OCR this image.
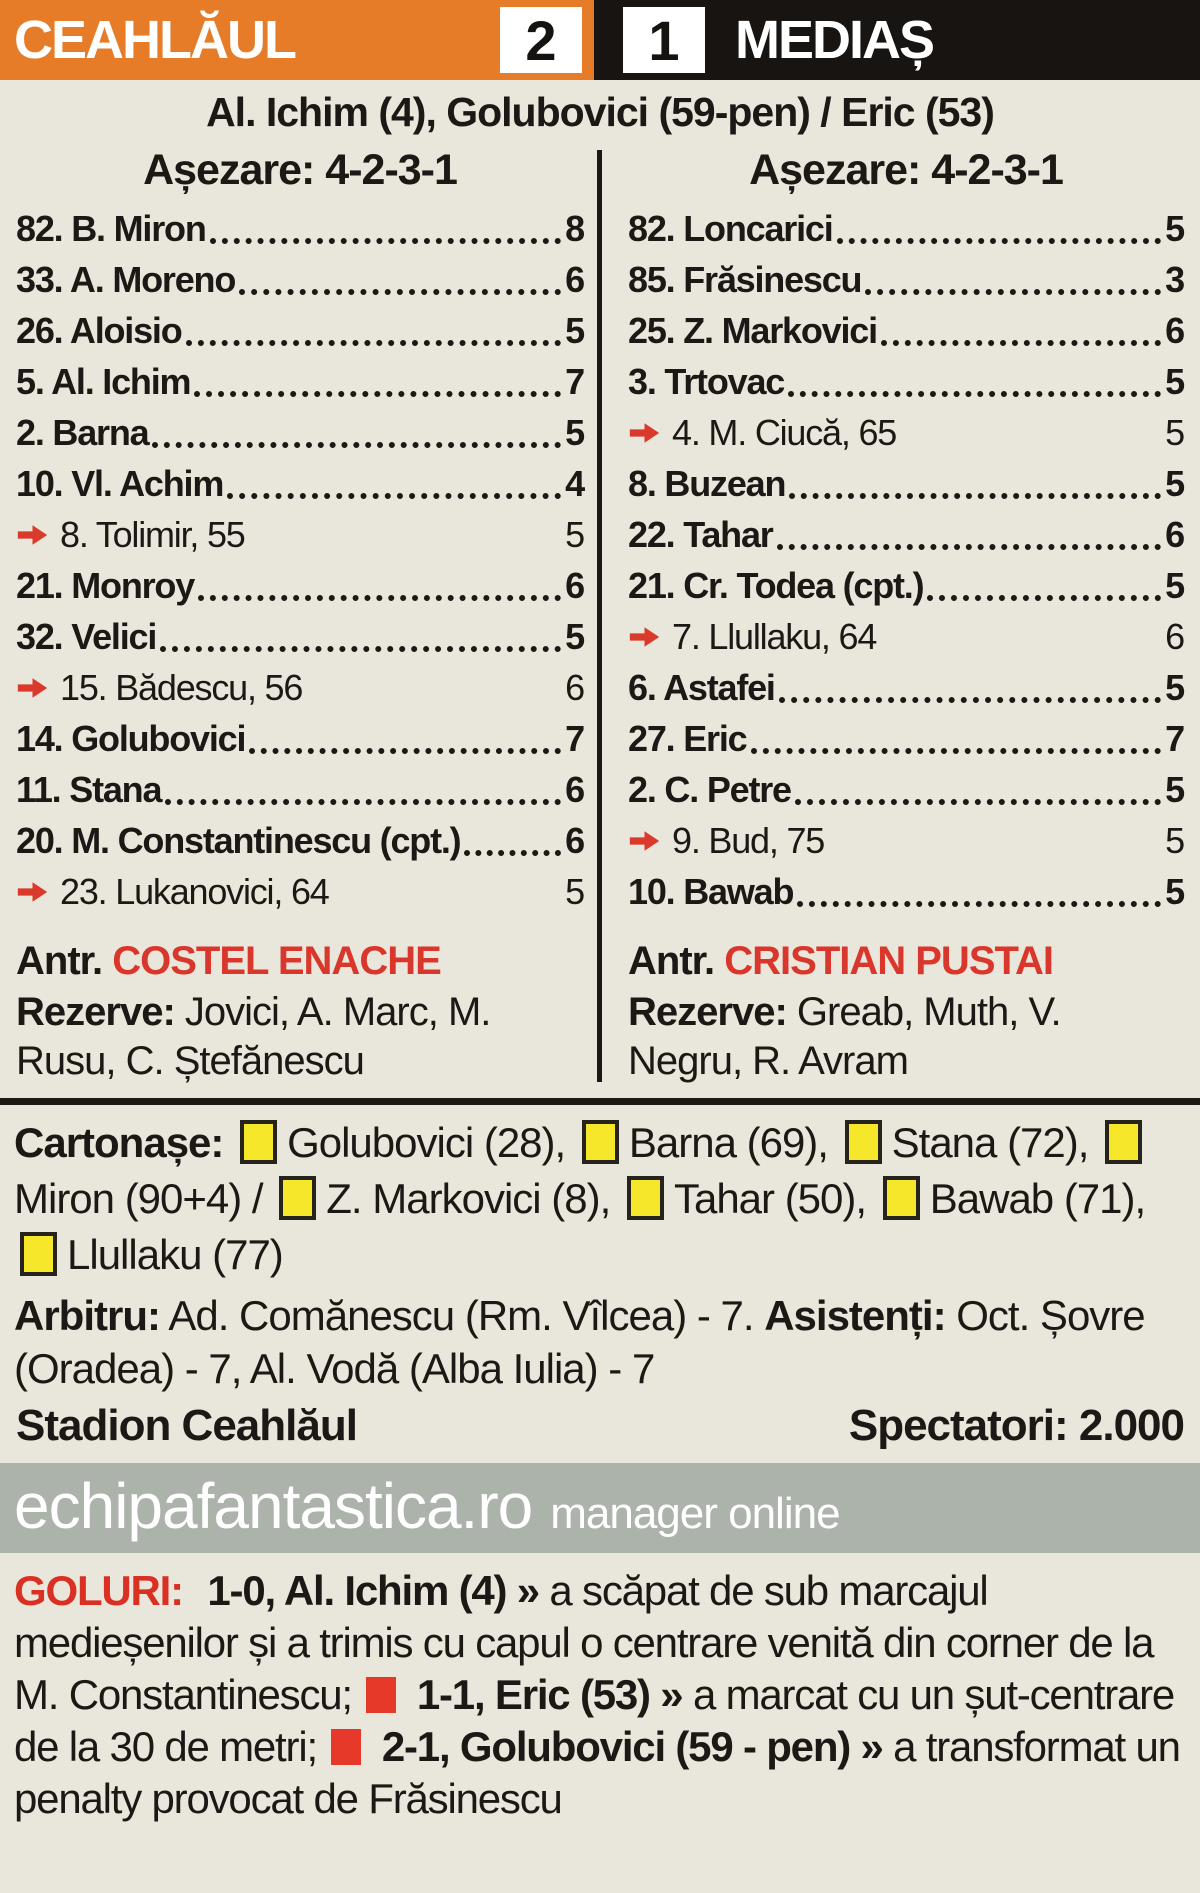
CEAHLĂUL	2	1	MEDIAȘ
Al. Ichim (4), Golubovici (59-pen) / Eric (53)
Așezare: 4-2-3-1
82. B. Miron	8
33. A. Moreno	6
26. Aloisio	5
5. Al. Ichim	7
2. Barna	5
10. Vl. Achim	4
8. Tolimir, 55	5
21. Monroy	6
32. Velici	5
15. Bădescu, 56	6
14. Golubovici	7
11. Stana	6
20. M. Constantinescu (cpt.)	6
23. Lukanovici, 64	5
Antr. COSTEL ENACHE
Rezerve: Jovici, A. Marc, M. Rusu, C. Ștefănescu
Așezare: 4-2-3-1
82. Loncarici	5
85. Frăsinescu	3
25. Z. Markovici	6
3. Trtovac	5
4. M. Ciucă, 65	5
8. Buzean	5
22. Tahar	6
21. Cr. Todea (cpt.)	5
7. Llullaku, 64	6
6. Astafei	5
27. Eric	7
2. C. Petre	5
9. Bud, 75	5
10. Bawab	5
Antr. CRISTIAN PUSTAI
Rezerve: Greab, Muth, V. Negru, R. Avram

Cartonașe: Golubovici (28), Barna (69), Stana (72), Miron (90+4) / Z. Markovici (8), Tahar (50), Bawab (71), Llullaku (77)

Arbitru: Ad. Comănescu (Rm. Vîlcea) - 7. Asistenți: Oct. Șovre (Oradea) - 7, Al. Vodă (Alba Iulia) - 7

Stadion Ceahlăul	Spectatori: 2.000
echipafantastica.ro manager online

GOLURI: 1-0, Al. Ichim (4) » a scăpat de sub marcajul medieșenilor și a trimis cu capul o centrare venită din corner de la M. Constantinescu;  1-1, Eric (53) » a marcat cu un șut-centrare de la 30 de metri;  2-1, Golubovici (59 - pen) » a transformat un penalty provocat de Frăsinescu
